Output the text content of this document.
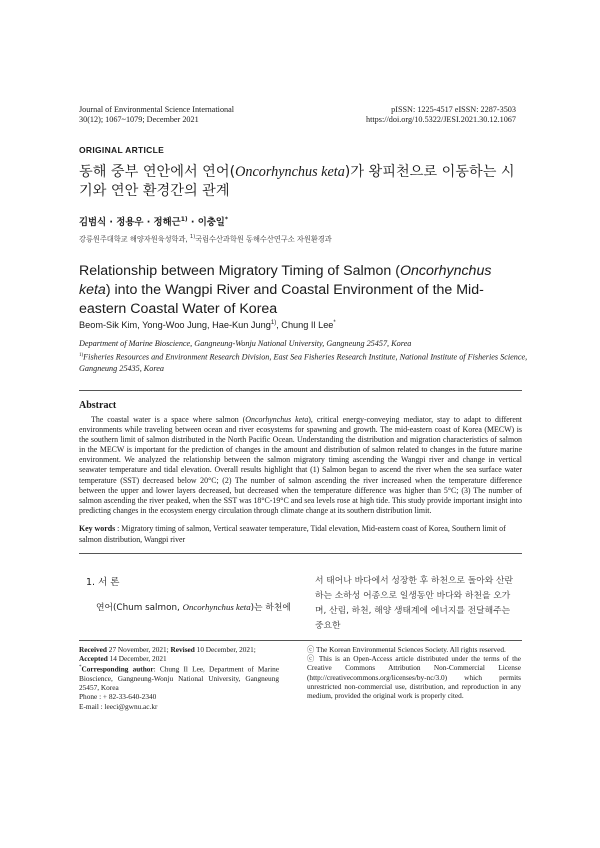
Journal of Environmental Science International
30(12); 1067~1079; December 2021
pISSN: 1225-4517 eISSN: 2287-3503
https://doi.org/10.5322/JESI.2021.30.12.1067
ORIGINAL ARTICLE
동해 중부 연안에서 연어(Oncorhynchus keta)가 왕피천으로 이동하는 시기와 연안 환경간의 관계
김범식 · 정용우 · 정해근$^{1)}$ · 이충일*
강릉원주대학교 해양자원육성학과, $^{1)}$국립수산과학원 동해수산연구소 자원환경과
Relationship between Migratory Timing of Salmon (Oncorhynchus keta) into the Wangpi River and Coastal Environment of the Mid-eastern Coastal Water of Korea
Beom-Sik Kim, Yong-Woo Jung, Hae-Kun Jung$^{1)}$, Chung Il Lee*
Department of Marine Bioscience, Gangneung-Wonju National University, Gangneung 25457, Korea
$^{1)}$Fisheries Resources and Environment Research Division, East Sea Fisheries Research Institute, National Institute of Fisheries Science, Gangneung 25435, Korea
Abstract
The coastal water is a space where salmon (Oncorhynchus keta), critical energy-conveying mediator, stay to adapt to different environments while traveling between ocean and river ecosystems for spawning and growth. The mid-eastern coast of Korea (MECW) is the southern limit of salmon distributed in the North Pacific Ocean. Understanding the distribution and migration characteristics of salmon in the MECW is important for the prediction of changes in the amount and distribution of salmon related to changes in the future marine environment. We analyzed the relationship between the salmon migratory timing ascending the Wangpi river and change in vertical seawater temperature and tidal elevation. Overall results highlight that (1) Salmon began to ascend the river when the sea surface water temperature (SST) decreased below 20°C; (2) The number of salmon ascending the river increased when the temperature difference between the upper and lower layers decreased, but decreased when the temperature difference was higher than 5°C; (3) The number of salmon ascending the river peaked, when the SST was 18°C-19°C and sea levels rose at high tide. This study provide important insight into predicting changes in the ecosystem energy circulation through climate change at its southern distribution limit.
Key words : Migratory timing of salmon, Vertical seawater temperature, Tidal elevation, Mid-eastern coast of Korea, Southern limit of salmon distribution, Wangpi river
1. 서 론
연어(Chum salmon, Oncorhynchus keta)는 하천에
서 태어나 바다에서 성장한 후 하천으로 돌아와 산란하는 소하성 어종으로 일생동안 바다와 하천을 오가며, 산림, 하천, 해양 생태계에 에너지를 전달해주는 중요한
Received 27 November, 2021; Revised 10 December, 2021;
Accepted 14 December, 2021
*Corresponding author: Chung Il Lee, Department of Marine Bioscience, Gangneung-Wonju National University, Gangneung 25457, Korea
Phone : + 82-33-640-2340
E-mail : leeci@gwnu.ac.kr
ⓒ The Korean Environmental Sciences Society. All rights reserved.
ⓒ This is an Open-Access article distributed under the terms of the Creative Commons Attribution Non-Commercial License (http://creativecommons.org/licenses/by-nc/3.0) which permits unrestricted non-commercial use, distribution, and reproduction in any medium, provided the original work is properly cited.
